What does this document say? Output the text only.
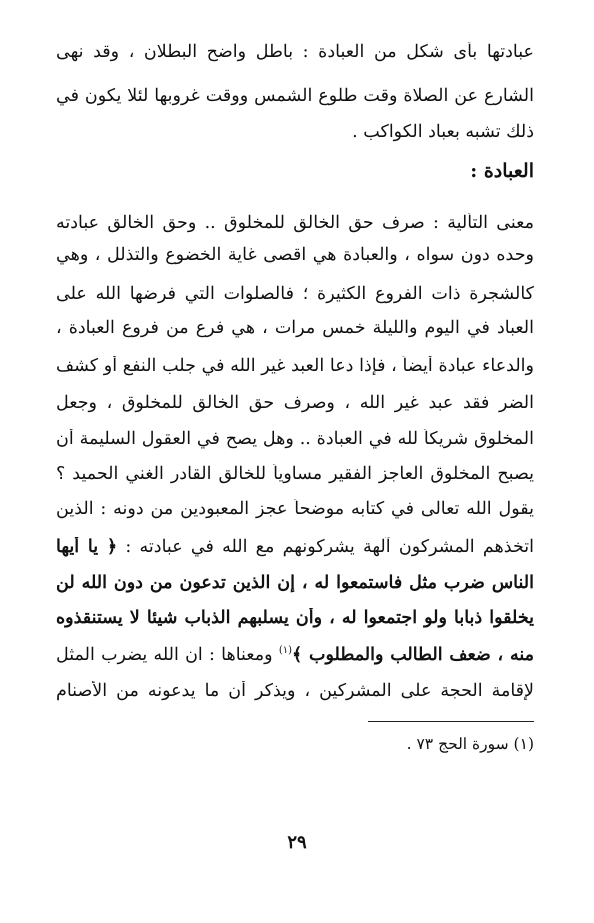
عبادتها بأى شكل من العبادة : باطل واضح البطلان ، وقد نهى
الشارع عن الصلاة وقت طلوع الشمس ووقت غروبها لئلا يكون في
ذلك تشبه بعباد الكواكب .
العبادة :
معنى التألية : صرف حق الخالق للمخلوق .. وحق الخالق عبادته
وحده دون سواه ، والعبادة هي اقصى غاية الخضوع والتذلل ، وهي
كالشجرة ذات الفروع الكثيرة ؛ فالصلوات التي فرضها الله على
العباد في اليوم والليلة خمس مرات ، هي فرع من فروع العبادة ،
والدعاء عبادة أيضاً ، فإذا دعا العبد غير الله في جلب النفع أو كشف
الضر فقد عبد غير الله ، وصرف حق الخالق للمخلوق ، وجعل
المخلوق شريكاً لله في العبادة .. وهل يصح في العقول السليمة أن
يصبح المخلوق العاجز الفقير مساوياً للخالق القادر الغني الحميد ؟
يقول الله تعالى في كتابه موضحاً عجز المعبودين من دونه : الذين
اتخذهم المشركون آلهة يشركونهم مع الله في عبادته : ﴿ يا أيها
الناس ضرب مثل فاستمعوا له ، إن الذين تدعون من دون الله لن
يخلقوا ذبابا ولو اجتمعوا له ، وأن يسلبهم الذباب شيئا لا يستنقذوه
منه ، ضعف الطالب والمطلوب ﴾$^{(١)}$ ومعناها : ان الله يضرب المثل
لإقامة الحجة على المشركين ، ويذكر أن ما يدعونه من الأصنام
(١) سورة الحج ٧٣ .
٢٩
